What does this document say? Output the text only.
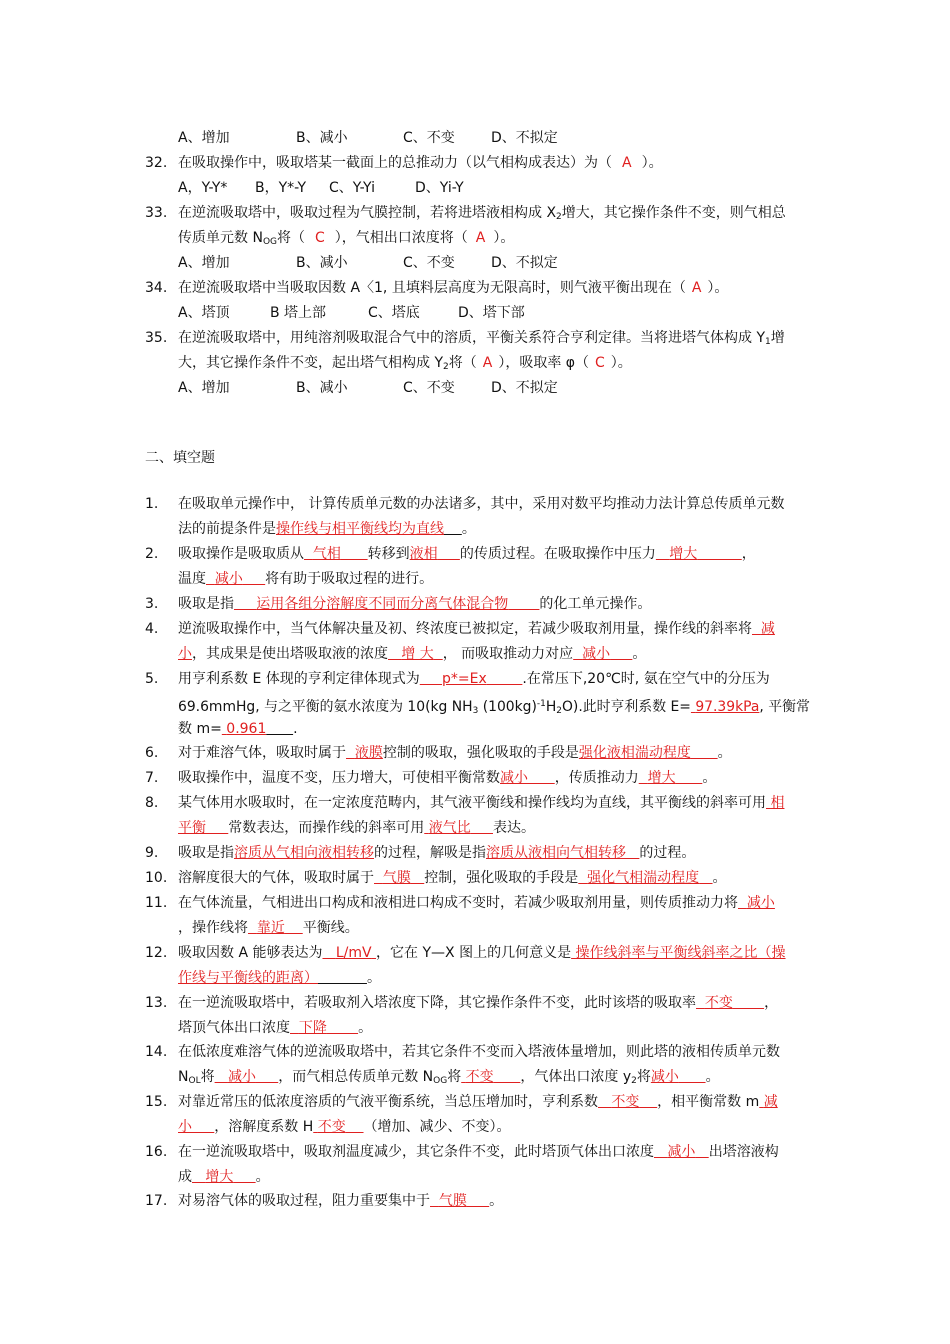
A、增加	B、减小	C、不变	D、不拟定
32. 在吸取操作中，吸取塔某一截面上的总推动力（以气相构成表达）为（ A ）。
A，Y-Y* B，Y*-Y C、Y-Yi	D、Yi-Y
33. 在逆流吸取塔中，吸取过程为气膜控制，若将进塔液相构成 $X_2$增大，其它操作条件不变，则气相总
传质单元数 $N_{OG}$将（ C ），气相出口浓度将（ A ）。
A、增加	B、减小	C、不变	D、不拟定
34. 在逆流吸取塔中当吸取因数 A〈1, 且填料层高度为无限高时，则气液平衡出现在（ A ）。
A、塔顶	B 塔上部	C、塔底	D、塔下部
35. 在逆流吸取塔中，用纯溶剂吸取混合气中的溶质，平衡关系符合亨利定律。当将进塔气体构成 $Y_1$增
大，其它操作条件不变，起出塔气相构成 $Y_2$将（ A ），吸取率 φ（ C ）。
A、增加	B、减小	C、不变	D、不拟定
二、填空题
1. 在吸取单元操作中， 计算传质单元数的办法诸多，其中，采用对数平均推动力法计算总传质单元数
法的前提条件是操作线与相平衡线均为直线 。
2. 吸取操作是吸取质从 气相 转移到液相 的传质过程。在吸取操作中压力 增大	，
温度 减小 将有助于吸取过程的进行。
3. 吸取是指 运用各组分溶解度不同而分离气体混合物 的化工单元操作。
4. 逆流吸取操作中，当气体解决量及初、终浓度已被拟定，若减少吸取剂用量，操作线的斜率将 减
小，其成果是使出塔吸取液的浓度 增 大 ， 而吸取推动力对应 减小 。
5. 用亨利系数 E 体现的亨利定律体现式为 p*=Ex	.在常压下,20℃时, 氨在空气中的分压为
69.6mmHg, 与之平衡的氨水浓度为 10(kg $NH_3$ $(100kg)^{-1}H_2O$).此时亨利系数 E= 97.39kPa, 平衡常
数 m= 0.961 .
6. 对于难溶气体，吸取时属于 液膜控制的吸取，强化吸取的手段是强化液相湍动程度 。
7. 吸取操作中，温度不变，压力增大，可使相平衡常数减小 ，传质推动力 增大 。
8. 某气体用水吸取时，在一定浓度范畴内，其气液平衡线和操作线均为直线，其平衡线的斜率可用 相
平衡 常数表达，而操作线的斜率可用 液气比 表达。
9. 吸取是指溶质从气相向液相转移的过程，解吸是指溶质从液相向气相转移 的过程。
10. 溶解度很大的气体，吸取时属于 气膜 控制，强化吸取的手段是 强化气相湍动程度 。
11. 在气体流量，气相进出口构成和液相进口构成不变时，若减少吸取剂用量，则传质推动力将 减小
，操作线将 靠近 平衡线。
12. 吸取因数 A 能够表达为 L/mV ，它在 Y—X 图上的几何意义是 操作线斜率与平衡线斜率之比（操
作线与平衡线的距离）	。
13. 在一逆流吸取塔中，若吸取剂入塔浓度下降，其它操作条件不变，此时该塔的吸取率 不变 ，
塔顶气体出口浓度 下降 。
14. 在低浓度难溶气体的逆流吸取塔中，若其它条件不变而入塔液体量增加，则此塔的液相传质单元数
$N_{OL}$将 减小 ，而气相总传质单元数 $N_{OG}$将 不变 ，气体出口浓度 $y_2$将减小 。
15. 对靠近常压的低浓度溶质的气液平衡系统，当总压增加时，亨利系数 不变 ，相平衡常数 m 减
小 ，溶解度系数 H 不变 （增加、减少、不变）。
16. 在一逆流吸取塔中，吸取剂温度减少，其它条件不变，此时塔顶气体出口浓度 减小 出塔溶液构
成 增大 。
17. 对易溶气体的吸取过程，阻力重要集中于 气膜 。
